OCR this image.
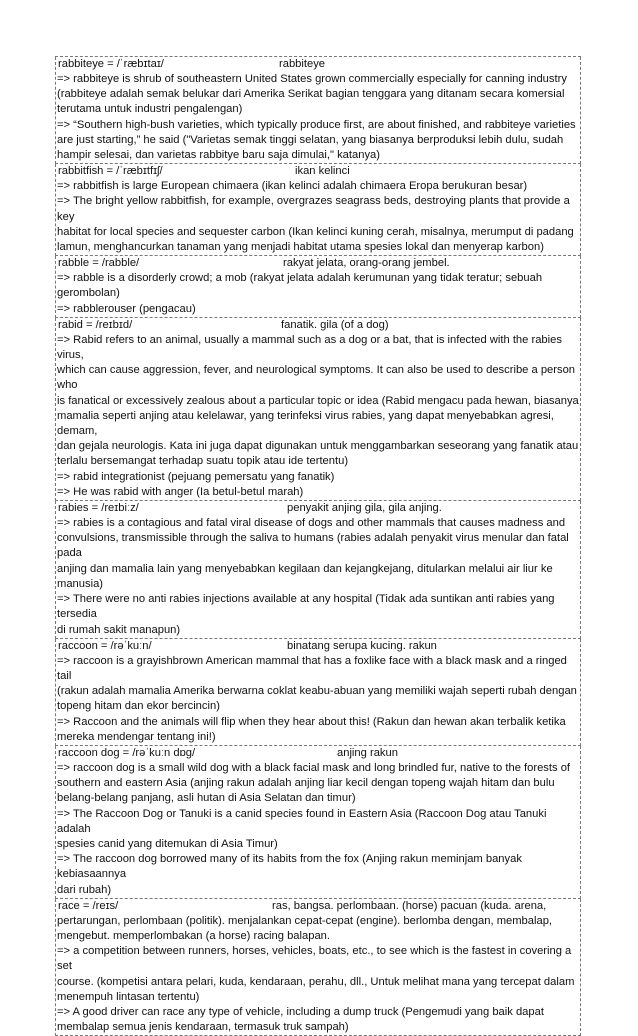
rabbiteye = /ˈræbɪtaɪ/	rabbiteye
=> rabbiteye is shrub of southeastern United States grown commercially especially for canning industry
(rabbiteye adalah semak belukar dari Amerika Serikat bagian tenggara yang ditanam secara komersial
terutama untuk industri pengalengan)
=> “Southern high-bush varieties, which typically produce first, are about finished, and rabbiteye varieties
are just starting,” he said ("Varietas semak tinggi selatan, yang biasanya berproduksi lebih dulu, sudah
hampir selesai, dan varietas rabbitye baru saja dimulai," katanya)
rabbitfish = /ˈræbɪtfɪʃ/	ikan kelinci
=> rabbitfish is large European chimaera (ikan kelinci adalah chimaera Eropa berukuran besar)
=> The bright yellow rabbitfish, for example, overgrazes seagrass beds, destroying plants that provide a key
habitat for local species and sequester carbon (Ikan kelinci kuning cerah, misalnya, merumput di padang
lamun, menghancurkan tanaman yang menjadi habitat utama spesies lokal dan menyerap karbon)
rabble = /rabble/	rakyat jelata, orang-orang jembel.
=> rabble is a disorderly crowd; a mob (rakyat jelata adalah kerumunan yang tidak teratur; sebuah
gerombolan)
=> rabblerouser (pengacau)
rabid = /reɪbɪd/	fanatik. gila (of a dog)
=> Rabid refers to an animal, usually a mammal such as a dog or a bat, that is infected with the rabies virus,
which can cause aggression, fever, and neurological symptoms. It can also be used to describe a person who
is fanatical or excessively zealous about a particular topic or idea (Rabid mengacu pada hewan, biasanya
mamalia seperti anjing atau kelelawar, yang terinfeksi virus rabies, yang dapat menyebabkan agresi, demam,
dan gejala neurologis. Kata ini juga dapat digunakan untuk menggambarkan seseorang yang fanatik atau
terlalu bersemangat terhadap suatu topik atau ide tertentu)
=> rabid integrationist (pejuang pemersatu yang fanatik)
=> He was rabid with anger (Ia betul-betul marah)
rabies = /reɪbiːz/	penyakit anjing gila, gila anjing.
=> rabies is a contagious and fatal viral disease of dogs and other mammals that causes madness and
convulsions, transmissible through the saliva to humans (rabies adalah penyakit virus menular dan fatal pada
anjing dan mamalia lain yang menyebabkan kegilaan dan kejangkejang, ditularkan melalui air liur ke
manusia)
=> There were no anti rabies injections available at any hospital (Tidak ada suntikan anti rabies yang tersedia
di rumah sakit manapun)
raccoon = /rəˈkuːn/	binatang serupa kucing. rakun
=> raccoon is a grayishbrown American mammal that has a foxlike face with a black mask and a ringed tail
(rakun adalah mamalia Amerika berwarna coklat keabu-abuan yang memiliki wajah seperti rubah dengan
topeng hitam dan ekor bercincin)
=> Raccoon and the animals will flip when they hear about this! (Rakun dan hewan akan terbalik ketika
mereka mendengar tentang ini!)
raccoon dog = /rəˈkuːn dɒɡ/	anjing rakun
=> raccoon dog is a small wild dog with a black facial mask and long brindled fur, native to the forests of
southern and eastern Asia (anjing rakun adalah anjing liar kecil dengan topeng wajah hitam dan bulu
belang-belang panjang, asli hutan di Asia Selatan dan timur)
=> The Raccoon Dog or Tanuki is a canid species found in Eastern Asia (Raccoon Dog atau Tanuki adalah
spesies canid yang ditemukan di Asia Timur)
=> The raccoon dog borrowed many of its habits from the fox (Anjing rakun meminjam banyak kebiasaannya
dari rubah)
race = /reɪs/	ras, bangsa. perlombaan. (horse) pacuan (kuda. arena,
pertarungan, perlombaan (politik). menjalankan cepat-cepat (engine). berlomba dengan, membalap,
mengebut. memperlombakan (a horse) racing balapan.
=> a competition between runners, horses, vehicles, boats, etc., to see which is the fastest in covering a set
course. (kompetisi antara pelari, kuda, kendaraan, perahu, dll., Untuk melihat mana yang tercepat dalam
menempuh lintasan tertentu)
=> A good driver can race any type of vehicle, including a dump truck (Pengemudi yang baik dapat
membalap semua jenis kendaraan, termasuk truk sampah)
